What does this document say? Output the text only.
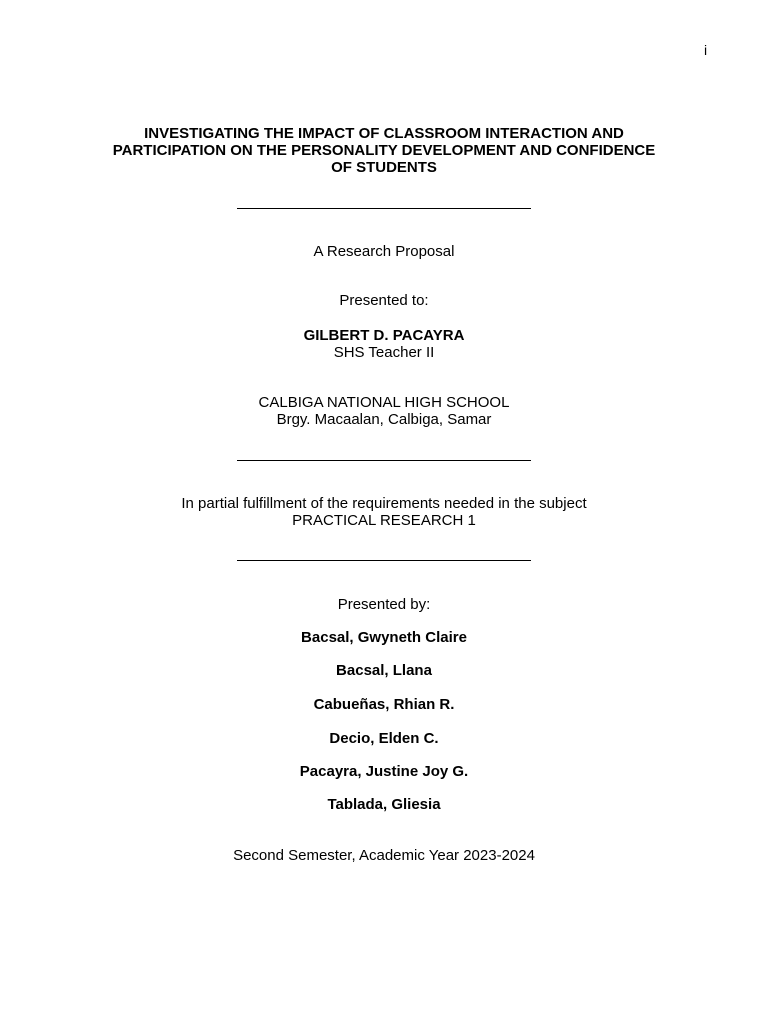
i
INVESTIGATING THE IMPACT OF CLASSROOM INTERACTION AND
PARTICIPATION ON THE PERSONALITY DEVELOPMENT AND CONFIDENCE
OF STUDENTS
A Research Proposal
Presented to:
GILBERT D. PACAYRA
SHS Teacher II
CALBIGA NATIONAL HIGH SCHOOL
Brgy. Macaalan, Calbiga, Samar
In partial fulfillment of the requirements needed in the subject
PRACTICAL RESEARCH 1
Presented by:
Bacsal, Gwyneth Claire
Bacsal, Llana
Cabueñas, Rhian R.
Decio, Elden C.
Pacayra, Justine Joy G.
Tablada, Gliesia
Second Semester, Academic Year 2023-2024
